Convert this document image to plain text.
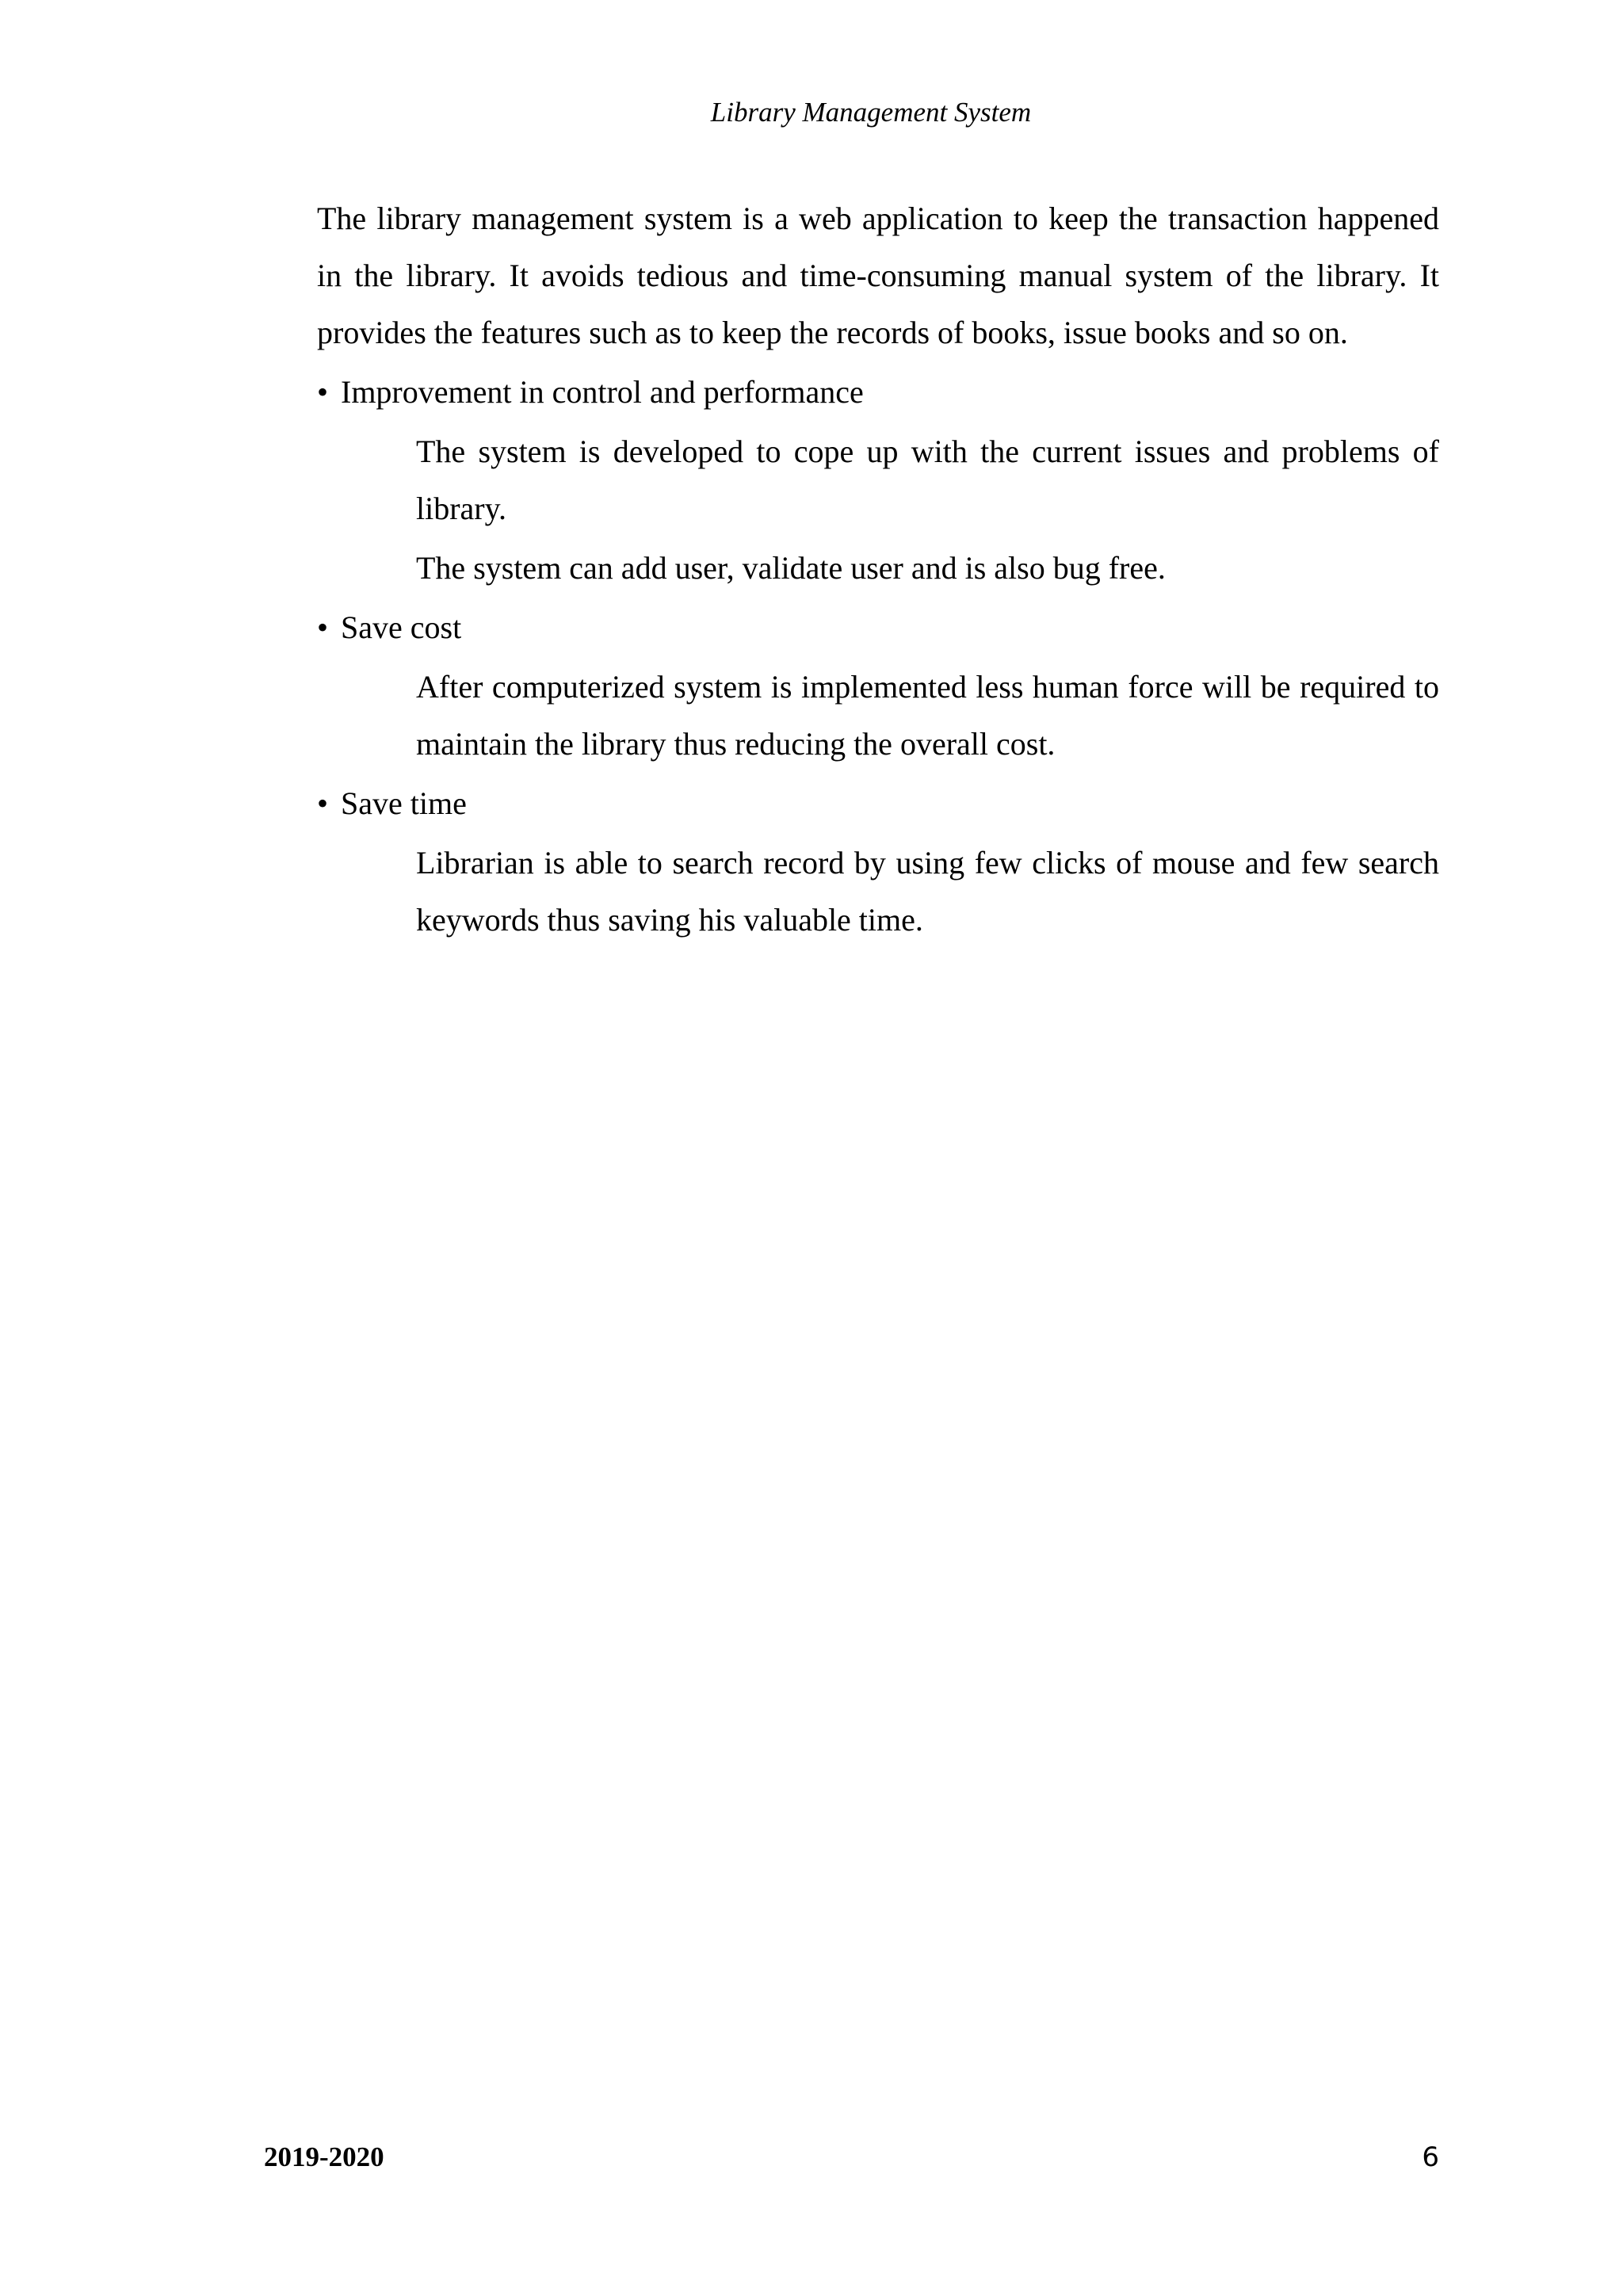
Library Management System

The library management system is a web application to keep the transaction happened in the library. It avoids tedious and time-consuming manual system of the library. It provides the features such as to keep the records of books, issue books and so on.

• Improvement in control and performance

The system is developed to cope up with the current issues and problems of library.

The system can add user, validate user and is also bug free.

• Save cost

After computerized system is implemented less human force will be required to maintain the library thus reducing the overall cost.

• Save time

Librarian is able to search record by using few clicks of mouse and few search keywords thus saving his valuable time.

2019-2020	6
